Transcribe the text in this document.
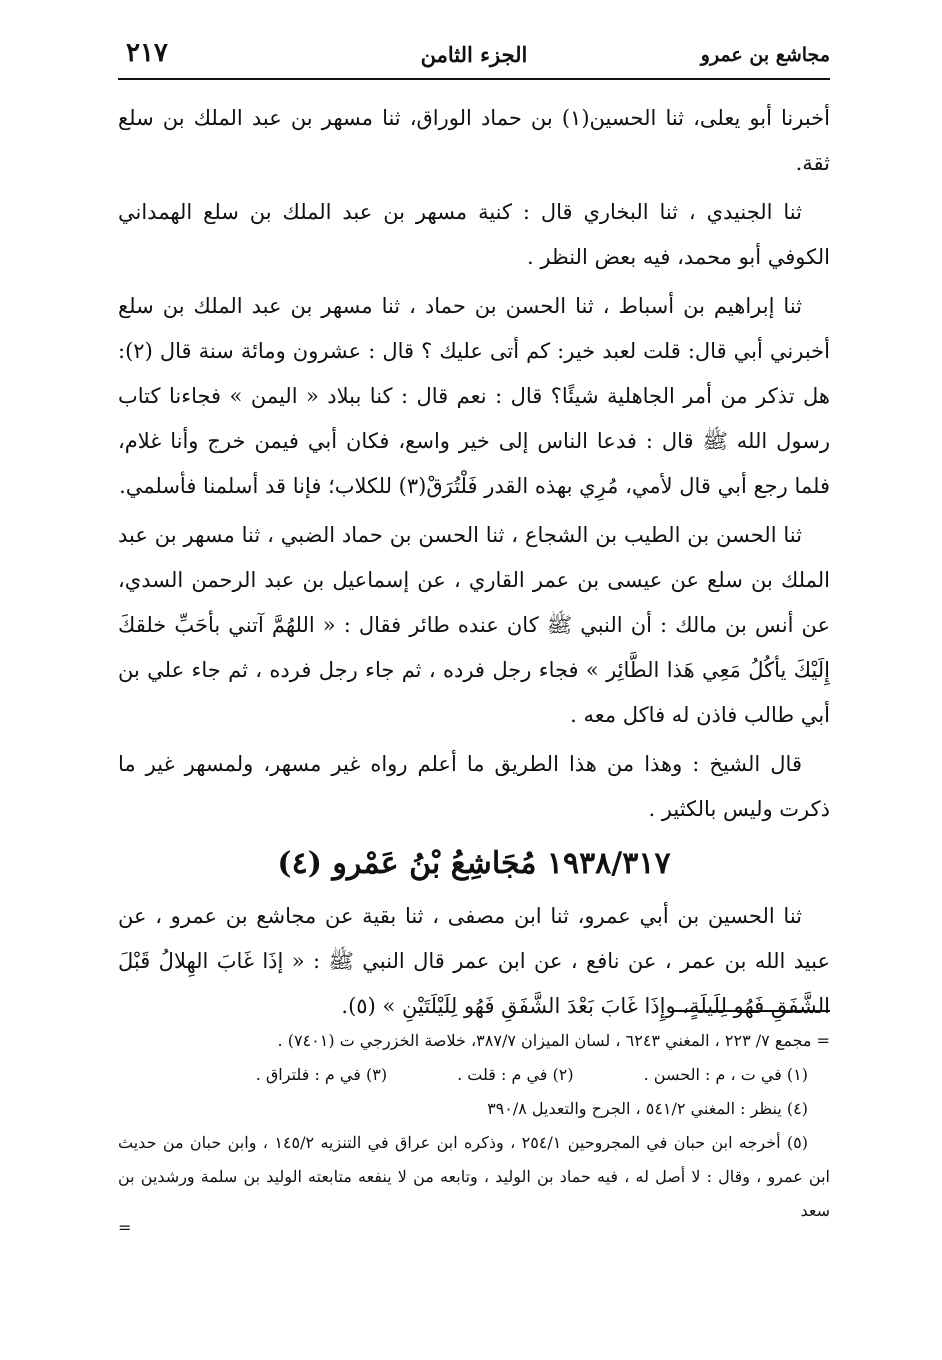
مجاشع بن عمرو
الجزء الثامن
٢١٧

أخبرنا أبو يعلى، ثنا الحسين(١) بن حماد الوراق، ثنا مسهر بن عبد الملك بن سلع ثقة.

ثنا الجنيدي ، ثنا البخاري قال : كنية مسهر بن عبد الملك بن سلع الهمداني الكوفي أبو محمد، فيه بعض النظر .

ثنا إبراهيم بن أسباط ، ثنا الحسن بن حماد ، ثنا مسهر بن عبد الملك بن سلع أخبرني أبي قال: قلت لعبد خير: كم أتى عليك ؟ قال : عشرون ومائة سنة قال (٢): هل تذكر من أمر الجاهلية شيئًا؟ قال : نعم قال : كنا ببلاد « اليمن » فجاءنا كتاب رسول الله ﷺ قال : فدعا الناس إلى خير واسع، فكان أبي فيمن خرج وأنا غلام، فلما رجع أبي قال لأمي، مُرِي بهذه القدر فَلْتُرَقْ(٣) للكلاب؛ فإنا قد أسلمنا فأسلمي.

ثنا الحسن بن الطيب بن الشجاع ، ثنا الحسن بن حماد الضبي ، ثنا مسهر بن عبد الملك بن سلع عن عيسى بن عمر القاري ، عن إسماعيل بن عبد الرحمن السدي، عن أنس بن مالك : أن النبي ﷺ كان عنده طائر فقال : « اللهُمَّ آتني بأحَبِّ خلقكَ إِلَيْكَ يأكُلُ مَعِي هَذا الطَّائِر » فجاء رجل فرده ، ثم جاء رجل فرده ، ثم جاء علي بن أبي طالب فاذن له فاكل معه .

قال الشيخ : وهذا من هذا الطريق ما أعلم رواه غير مسهر، ولمسهر غير ما ذكرت وليس بالكثير .

١٩٣٨/٣١٧ مُجَاشِعُ بْنُ عَمْرو (٤)

ثنا الحسين بن أبي عمرو، ثنا ابن مصفى ، ثنا بقية عن مجاشع بن عمرو ، عن عبيد الله بن عمر ، عن نافع ، عن ابن عمر قال النبي ﷺ : « إذَا غَابَ الهِلالُ قَبْلَ الشَّفَقِ فَهُو لِلَيلَةٍ، وإِذَا غَابَ بَعْدَ الشَّفَقِ فَهُو لِلَيْلَتَيْنِ » (٥).

= مجمع ٧/ ٢٢٣ ، المغني ٦٢٤٣ ، لسان الميزان ٣٨٧/٧، خلاصة الخزرجي ت (٧٤٠١) .

(١) في ت ، م : الحسن .
(٢) في م : قلت .
(٣) في م : فلتراق .

(٤) ينظر : المغني ٥٤١/٢ ، الجرح والتعديل ٣٩٠/٨

(٥) أخرجه ابن حبان في المجروحين ٢٥٤/١ ، وذكره ابن عراق في التنزيه ١٤٥/٢ ، وابن حبان من حديث ابن عمرو ، وقال : لا أصل له ، فيه حماد بن الوليد ، وتابعه من لا ينفعه متابعته الوليد بن سلمة ورشدين بن سعد

=
